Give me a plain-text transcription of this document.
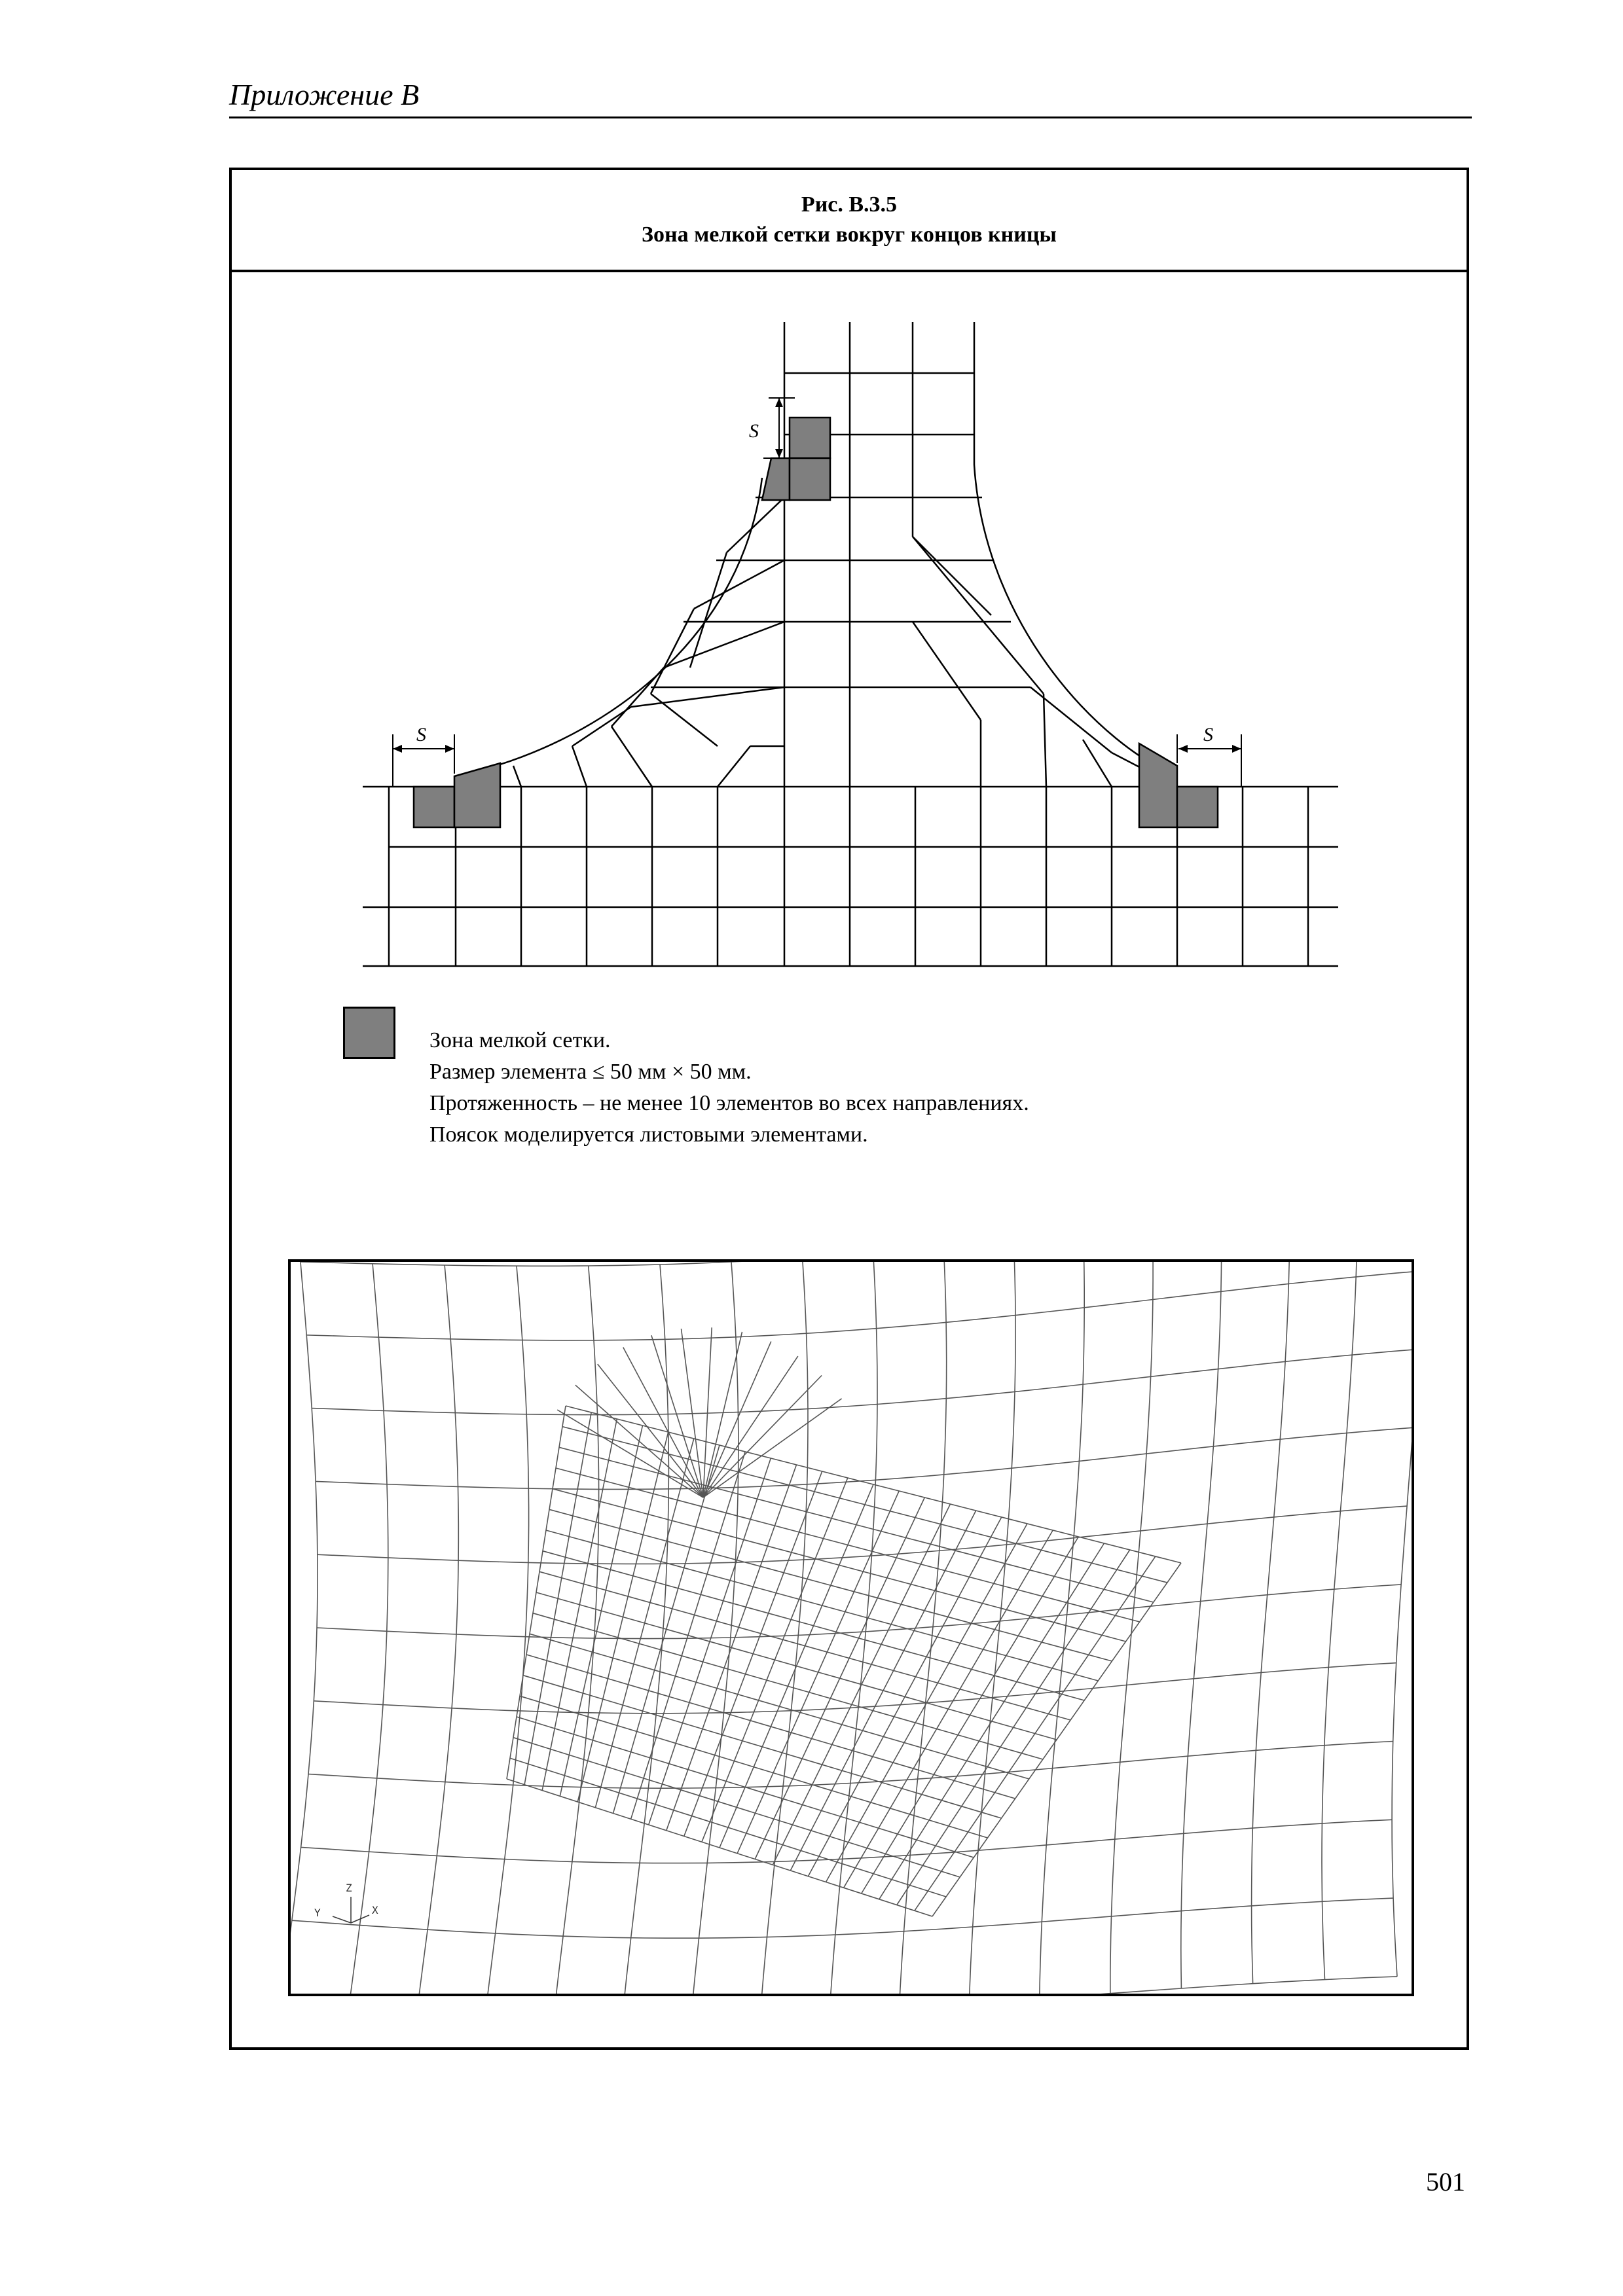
Приложение В
Рис. В.3.5
Зона мелкой сетки вокруг концов кницы
S
S	S
Зона мелкой сетки.
Размер элемента ≤ 50 мм × 50 мм.
Протяженность – не менее 10 элементов во всех направлениях.
Поясок моделируется листовыми элементами.
Z
X
Y
501
